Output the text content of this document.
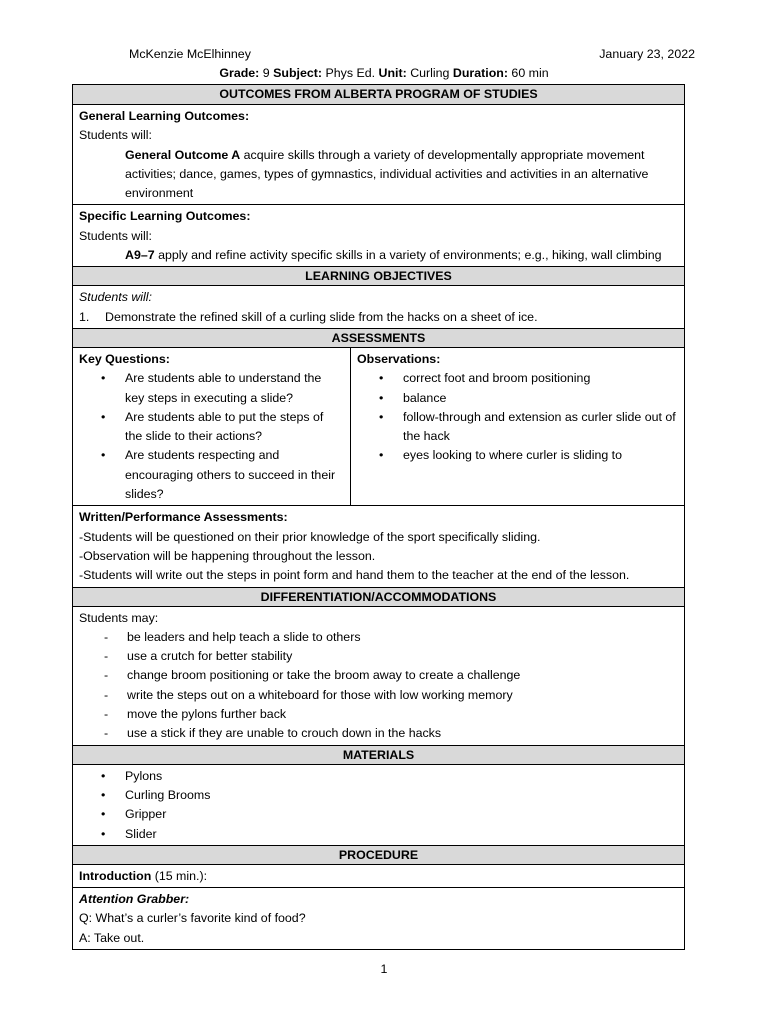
McKenzie McElhinney	January 23, 2022
Grade: 9 Subject: Phys Ed. Unit: Curling Duration: 60 min
OUTCOMES FROM ALBERTA PROGRAM OF STUDIES
General Learning Outcomes:
Students will:
General Outcome A acquire skills through a variety of developmentally appropriate movement activities; dance, games, types of gymnastics, individual activities and activities in an alternative environment
Specific Learning Outcomes:
Students will:
A9–7 apply and refine activity specific skills in a variety of environments; e.g., hiking, wall climbing
LEARNING OBJECTIVES
Students will:
1. Demonstrate the refined skill of a curling slide from the hacks on a sheet of ice.
ASSESSMENTS
Key Questions:
• Are students able to understand the key steps in executing a slide?
• Are students able to put the steps of the slide to their actions?
• Are students respecting and encouraging others to succeed in their slides?
Observations:
• correct foot and broom positioning
• balance
• follow-through and extension as curler slide out of the hack
• eyes looking to where curler is sliding to
Written/Performance Assessments:
-Students will be questioned on their prior knowledge of the sport specifically sliding.
-Observation will be happening throughout the lesson.
-Students will write out the steps in point form and hand them to the teacher at the end of the lesson.
DIFFERENTIATION/ACCOMMODATIONS
Students may:
- be leaders and help teach a slide to others
- use a crutch for better stability
- change broom positioning or take the broom away to create a challenge
- write the steps out on a whiteboard for those with low working memory
- move the pylons further back
- use a stick if they are unable to crouch down in the hacks
MATERIALS
• Pylons
• Curling Brooms
• Gripper
• Slider
PROCEDURE
Introduction (15 min.):
Attention Grabber:
Q: What’s a curler’s favorite kind of food?
A: Take out.
1
